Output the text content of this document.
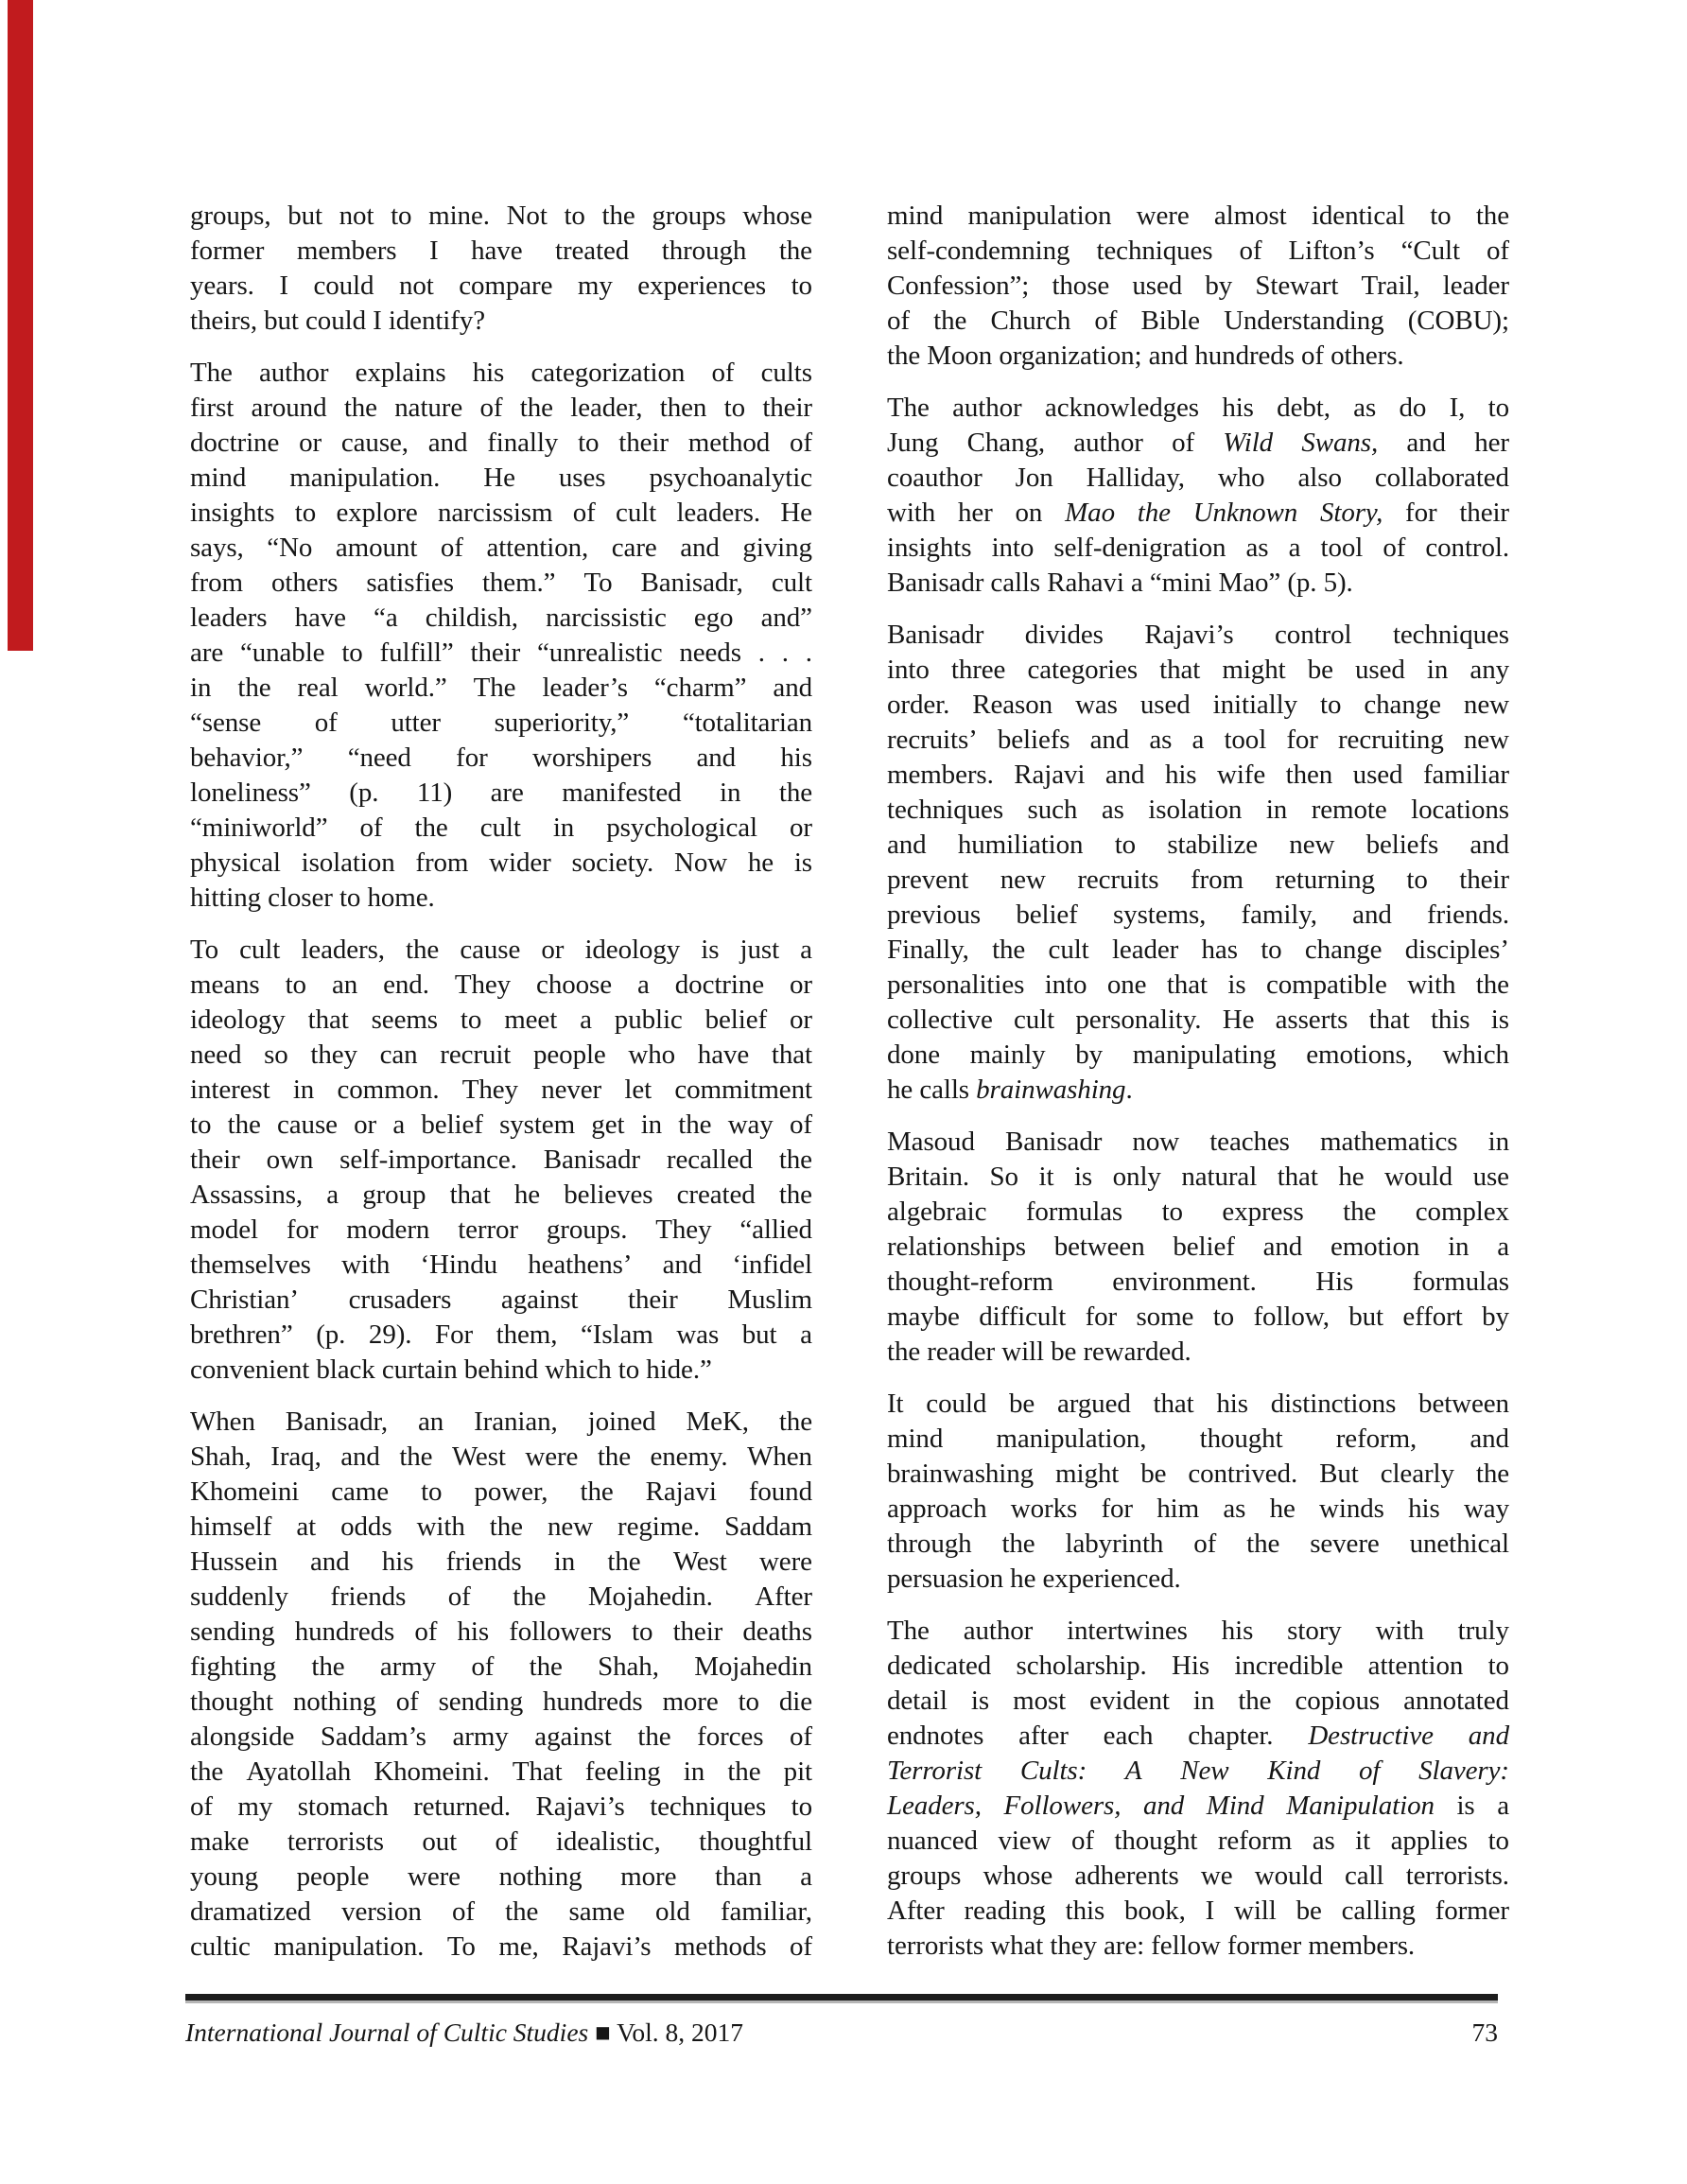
groups, but not to mine. Not to the groups whose
former members I have treated through the
years. I could not compare my experiences to
theirs, but could I identify?
The author explains his categorization of cults
first around the nature of the leader, then to their
doctrine or cause, and finally to their method of
mind manipulation. He uses psychoanalytic
insights to explore narcissism of cult leaders. He
says, “No amount of attention, care and giving
from others satisfies them.” To Banisadr, cult
leaders have “a childish, narcissistic ego and”
are “unable to fulfill” their “unrealistic needs . . .
in the real world.” The leader’s “charm” and
“sense of utter superiority,” “totalitarian
behavior,” “need for worshipers and his
loneliness” (p. 11) are manifested in the
“miniworld” of the cult in psychological or
physical isolation from wider society. Now he is
hitting closer to home.
To cult leaders, the cause or ideology is just a
means to an end. They choose a doctrine or
ideology that seems to meet a public belief or
need so they can recruit people who have that
interest in common. They never let commitment
to the cause or a belief system get in the way of
their own self-importance. Banisadr recalled the
Assassins, a group that he believes created the
model for modern terror groups. They “allied
themselves with ‘Hindu heathens’ and ‘infidel
Christian’ crusaders against their Muslim
brethren” (p. 29). For them, “Islam was but a
convenient black curtain behind which to hide.”
When Banisadr, an Iranian, joined MeK, the
Shah, Iraq, and the West were the enemy. When
Khomeini came to power, the Rajavi found
himself at odds with the new regime. Saddam
Hussein and his friends in the West were
suddenly friends of the Mojahedin. After
sending hundreds of his followers to their deaths
fighting the army of the Shah, Mojahedin
thought nothing of sending hundreds more to die
alongside Saddam’s army against the forces of
the Ayatollah Khomeini. That feeling in the pit
of my stomach returned. Rajavi’s techniques to
make terrorists out of idealistic, thoughtful
young people were nothing more than a
dramatized version of the same old familiar,
cultic manipulation. To me, Rajavi’s methods of
mind manipulation were almost identical to the
self-condemning techniques of Lifton’s “Cult of
Confession”; those used by Stewart Trail, leader
of the Church of Bible Understanding (COBU);
the Moon organization; and hundreds of others.
The author acknowledges his debt, as do I, to
Jung Chang, author of Wild Swans, and her
coauthor Jon Halliday, who also collaborated
with her on Mao the Unknown Story, for their
insights into self-denigration as a tool of control.
Banisadr calls Rahavi a “mini Mao” (p. 5).
Banisadr divides Rajavi’s control techniques
into three categories that might be used in any
order. Reason was used initially to change new
recruits’ beliefs and as a tool for recruiting new
members. Rajavi and his wife then used familiar
techniques such as isolation in remote locations
and humiliation to stabilize new beliefs and
prevent new recruits from returning to their
previous belief systems, family, and friends.
Finally, the cult leader has to change disciples’
personalities into one that is compatible with the
collective cult personality. He asserts that this is
done mainly by manipulating emotions, which
he calls brainwashing.
Masoud Banisadr now teaches mathematics in
Britain. So it is only natural that he would use
algebraic formulas to express the complex
relationships between belief and emotion in a
thought-reform environment. His formulas
maybe difficult for some to follow, but effort by
the reader will be rewarded.
It could be argued that his distinctions between
mind manipulation, thought reform, and
brainwashing might be contrived. But clearly the
approach works for him as he winds his way
through the labyrinth of the severe unethical
persuasion he experienced.
The author intertwines his story with truly
dedicated scholarship. His incredible attention to
detail is most evident in the copious annotated
endnotes after each chapter. Destructive and
Terrorist Cults: A New Kind of Slavery:
Leaders, Followers, and Mind Manipulation is a
nuanced view of thought reform as it applies to
groups whose adherents we would call terrorists.
After reading this book, I will be calling former
terrorists what they are: fellow former members.
International Journal of Cultic Studies ■ Vol. 8, 2017	73
